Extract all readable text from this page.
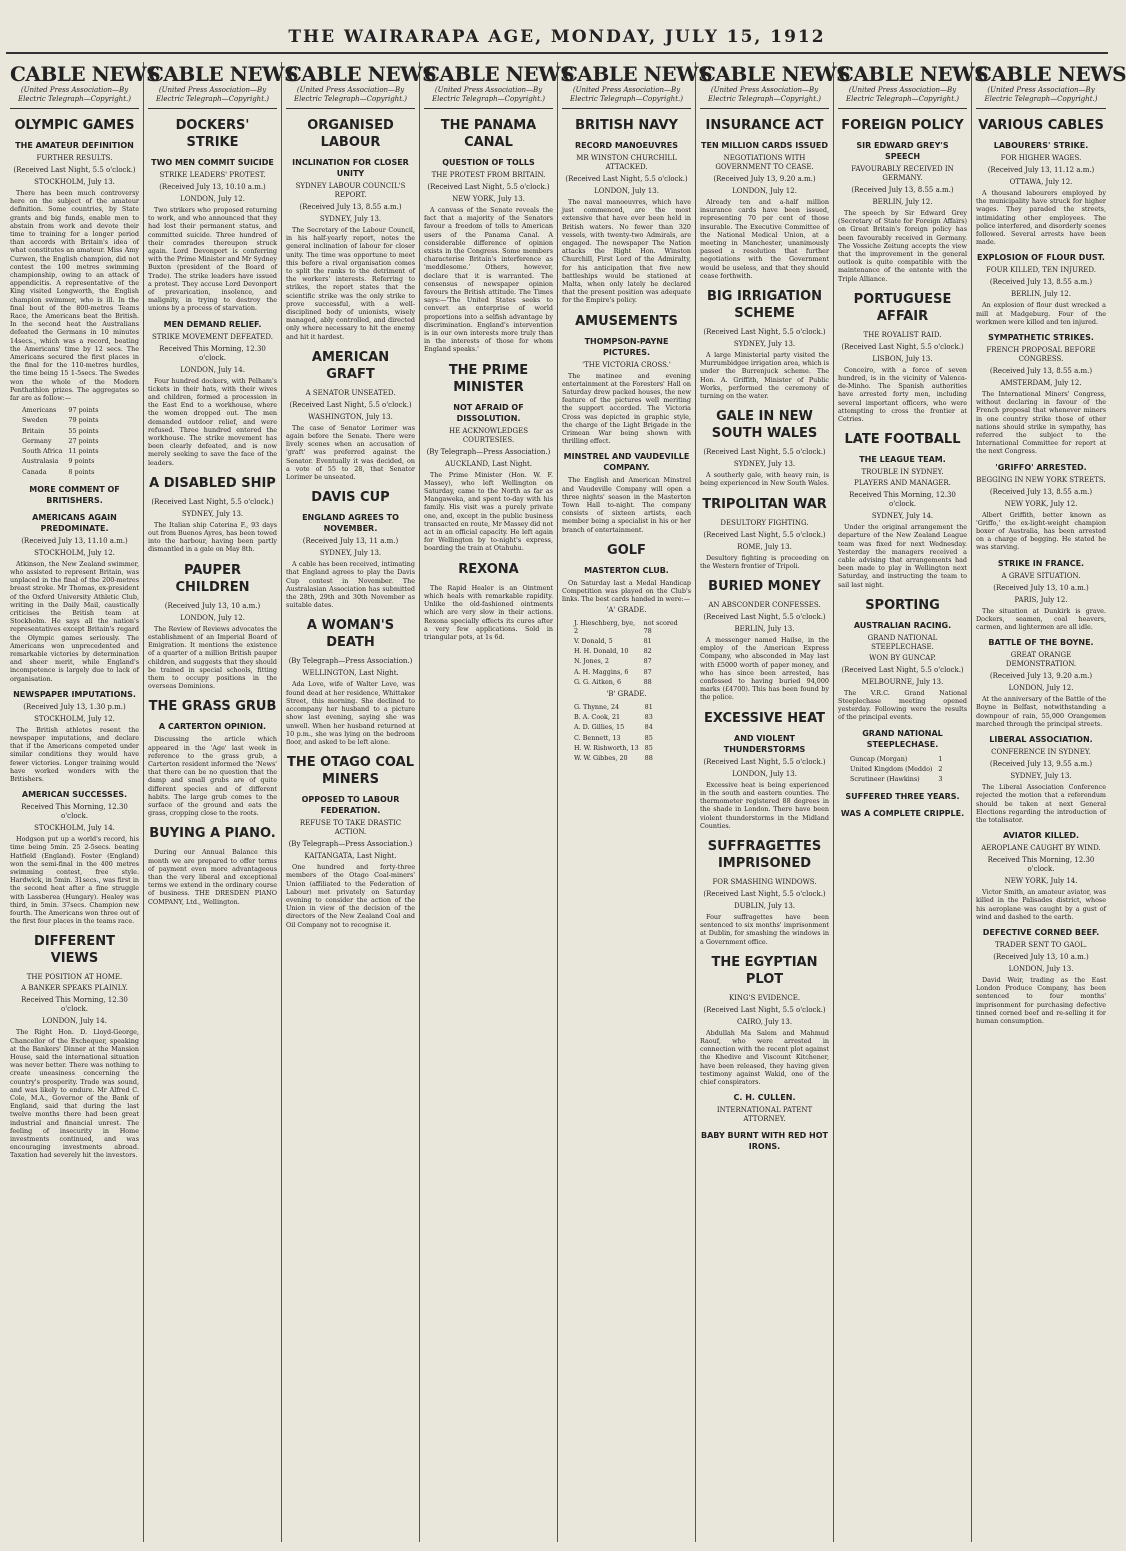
THE WAIRARAPA AGE, MONDAY, JULY 15, 1912
CABLE NEWS
(United Press Association—By Electric Telegraph—Copyright.)
OLYMPIC GAMES
THE AMATEUR DEFINITION
FURTHER RESULTS.
(Received Last Night, 5.5 o'clock.)
STOCKHOLM, July 13.

There has been much controversy here on the subject of the amateur definition. Some countries, by State grants and big funds, enable men to abstain from work and devote their time to training for a longer period than accords with Britain's idea of what constitutes an amateur. Miss Amy Curwen, the English champion, did not contest the 100 metres swimming championship, owing to an attack of appendicitis. A representative of the King visited Longworth, the English champion swimmer, who is ill. In the final bout of the 800-metres Teams Race, the Americans beat the British. In the second heat the Australians defeated the Germans in 10 minutes 14secs., which was a record, beating the Americans' time by 12 secs. The Americans secured the first places in the final for the 110-metres hurdles, the time being 15 1-5secs. The Swedes won the whole of the Modern Penthathlon prizes. The aggregates so far are as follow:—

Americans	97 points
Sweden	79 points
Britain	55 points
Germany	27 points
South Africa	11 points
Australasia	9 points
Canada	8 points
MORE COMMENT OF BRITISHERS.
AMERICANS AGAIN PREDOMINATE.
(Received July 13, 11.10 a.m.)
STOCKHOLM, July 12.

Atkinson, the New Zealand swimmer, who assisted to represent Britain, was unplaced in the final of the 200-metres breast stroke. Mr Thomas, ex-president of the Oxford University Athletic Club, writing in the Daily Mail, caustically criticises the British team at Stockholm. He says all the nation's representatives except Britain's regard the Olympic games seriously. The Americans won unprecedented and remarkable victories by determination and sheer merit, while England's incompetence is largely due to lack of organisation.

NEWSPAPER IMPUTATIONS.
(Received July 13, 1.30 p.m.)
STOCKHOLM, July 12.

The British athletes resent the newspaper imputations, and declare that if the Americans competed under similar conditions they would have fewer victories. Longer training would have worked wonders with the Britishers.

AMERICAN SUCCESSES.
Received This Morning, 12.30 o'clock.
STOCKHOLM, July 14.

Hodgson put up a world's record, his time being 5min. 25 2-5secs. beating Hatfield (England). Foster (England) won the semi-final in the 400 metres swimming contest, free style. Hardwick, in 5min. 31secs., was first in the second heat after a fine struggle with Lassberea (Hungary). Healey was third, in 5min. 37secs. Champion new fourth. The Americans won three out of the first four places in the teams race.

DIFFERENT VIEWS
THE POSITION AT HOME.
A BANKER SPEAKS PLAINLY.
Received This Morning, 12.30 o'clock.
LONDON, July 14.

The Right Hon. D. Lloyd-George, Chancellor of the Exchequer, speaking at the Bankers' Dinner at the Mansion House, said the international situation was never better. There was nothing to create uneasiness concerning the country's prosperity. Trade was sound, and was likely to endure. Mr Alfred C. Cole, M.A., Governor of the Bank of England, said that during the last twelve months there had been great industrial and financial unrest. The feeling of insecurity in Home investments continued, and was encouraging investments abroad. Taxation had severely hit the investors.

CABLE NEWS
(United Press Association—By Electric Telegraph—Copyright.)
DOCKERS' STRIKE
TWO MEN COMMIT SUICIDE
STRIKE LEADERS' PROTEST.
(Received July 13, 10.10 a.m.)
LONDON, July 12.

Two strikers who proposed returning to work, and who announced that they had lost their permanent status, and committed suicide. Three hundred of their comrades thereupon struck again. Lord Devonport is conferring with the Prime Minister and Mr Sydney Buxton (president of the Board of Trade). The strike leaders have issued a protest. They accuse Lord Devonport of prevarication, insolence, and malignity, in trying to destroy the unions by a process of starvation.

MEN DEMAND RELIEF.
STRIKE MOVEMENT DEFEATED.
Received This Morning, 12.30 o'clock.
LONDON, July 14.

Four hundred dockers, with Pelham's tickets in their hats, with their wives and children, formed a procession in the East End to a workhouse, where the women dropped out. The men demanded outdoor relief, and were refused. Three hundred entered the workhouse. The strike movement has been clearly defeated, and is now merely seeking to save the face of the leaders.

A DISABLED SHIP
(Received Last Night, 5.5 o'clock.)
SYDNEY, July 13.

The Italian ship Caterina F., 93 days out from Buenos Ayres, has been towed into the harbour, having been partly dismantled in a gale on May 8th.

PAUPER CHILDREN
(Received July 13, 10 a.m.)
LONDON, July 12.

The Review of Reviews advocates the establishment of an Imperial Board of Emigration. It mentions the existence of a quarter of a million British pauper children, and suggests that they should be trained in special schools, fitting them to occupy positions in the overseas Dominions.

THE GRASS GRUB
A CARTERTON OPINION.

Discussing the article which appeared in the 'Age' last week in reference to the grass grub, a Carterton resident informed the 'News' that there can be no question that the damp and small grubs are of quite different species and of different habits. The large grub comes to the surface of the ground and eats the grass, cropping close to the roots.

BUYING A PIANO.

During our Annual Balance this month we are prepared to offer terms of payment even more advantageous than the very liberal and exceptional terms we extend in the ordinary course of business. THE DRESDEN PIANO COMPANY, Ltd., Wellington.

CABLE NEWS
(United Press Association—By Electric Telegraph—Copyright.)
ORGANISED LABOUR
INCLINATION FOR CLOSER UNITY
SYDNEY LABOUR COUNCIL'S REPORT.
(Received July 13, 8.55 a.m.)
SYDNEY, July 13.

The Secretary of the Labour Council, in his half-yearly report, notes the general inclination of labour for closer unity. The time was opportune to meet this before a rival organisation comes to split the ranks to the detriment of the workers' interests. Referring to strikes, the report states that the scientific strike was the only strike to prove successful, with a well-disciplined body of unionists, wisely managed, ably controlled, and directed only where necessary to hit the enemy and hit it hardest.

AMERICAN GRAFT
A SENATOR UNSEATED.
(Received Last Night, 5.5 o'clock.)
WASHINGTON, July 13.

The case of Senator Lorimer was again before the Senate. There were lively scenes when an accusation of 'graft' was preferred against the Senator. Eventually it was decided, on a vote of 55 to 28, that Senator Lorimer be unseated.

DAVIS CUP
ENGLAND AGREES TO NOVEMBER.
(Received July 13, 11 a.m.)
SYDNEY, July 13.

A cable has been received, intimating that England agrees to play the Davis Cup contest in November. The Australasian Association has submitted the 28th, 29th and 30th November as suitable dates.

A WOMAN'S DEATH
(By Telegraph—Press Association.)
WELLINGTON, Last Night.

Ada Love, wife of Walter Love, was found dead at her residence, Whittaker Street, this morning. She declined to accompany her husband to a picture show last evening, saying she was unwell. When her husband returned at 10 p.m., she was lying on the bedroom floor, and asked to be left alone.

THE OTAGO COAL MINERS
OPPOSED TO LABOUR FEDERATION.
REFUSE TO TAKE DRASTIC ACTION.
(By Telegraph—Press Association.)
KAITANGATA, Last Night.

One hundred and forty-three members of the Otago Coal-miners' Union (affiliated to the Federation of Labour) met privately on Saturday evening to consider the action of the Union in view of the decision of the directors of the New Zealand Coal and Oil Company not to recognise it.

CABLE NEWS
(United Press Association—By Electric Telegraph—Copyright.)
THE PANAMA CANAL
QUESTION OF TOLLS
THE PROTEST FROM BRITAIN.
(Received Last Night, 5.5 o'clock.)
NEW YORK, July 13.

A canvass of the Senate reveals the fact that a majority of the Senators favour a freedom of tolls to American users of the Panama Canal. A considerable difference of opinion exists in the Congress. Some members characterise Britain's interference as 'meddlesome.' Others, however, declare that it is warranted. The consensus of newspaper opinion favours the British attitude. The Times says:—'The United States seeks to convert an enterprise of world proportions into a selfish advantage by discrimination. England's intervention is in our own interests more truly than in the interests of those for whom England speaks.'

THE PRIME MINISTER
NOT AFRAID OF DISSOLUTION.
HE ACKNOWLEDGES COURTESIES.
(By Telegraph—Press Association.)
AUCKLAND, Last Night.

The Prime Minister (Hon. W. F. Massey), who left Wellington on Saturday, came to the North as far as Mangaweka, and spent to-day with his family. His visit was a purely private one, and, except in the public business transacted en route, Mr Massey did not act in an official capacity. He left again for Wellington by to-night's express, boarding the train at Otahuhu.

REXONA

The Rapid Healer is an Ointment which heals with remarkable rapidity. Unlike the old-fashioned ointments which are very slow in their actions. Rexona specially effects its cures after a very few applications. Sold in triangular pots, at 1s 6d.

CABLE NEWS
(United Press Association—By Electric Telegraph—Copyright.)
BRITISH NAVY
RECORD MANOEUVRES
MR WINSTON CHURCHILL ATTACKED.
(Received Last Night, 5.5 o'clock.)
LONDON, July 13.

The naval manoeuvres, which have just commenced, are the most extensive that have ever been held in British waters. No fewer than 320 vessels, with twenty-two Admirals, are engaged. The newspaper The Nation attacks the Right Hon. Winston Churchill, First Lord of the Admiralty, for his anticipation that five new battleships would be stationed at Malta, when only lately he declared that the present position was adequate for the Empire's policy.

AMUSEMENTS
THOMPSON-PAYNE PICTURES.
'THE VICTORIA CROSS.'

The matinee and evening entertainment at the Foresters' Hall on Saturday drew packed houses, the new feature of the pictures well meriting the support accorded. The Victoria Cross was depicted in graphic style, the charge of the Light Brigade in the Crimean War being shown with thrilling effect.

MINSTREL AND VAUDEVILLE COMPANY.

The English and American Minstrel and Vaudeville Company will open a three nights' season in the Masterton Town Hall to-night. The company consists of sixteen artists, each member being a specialist in his or her branch of entertainment.

GOLF
MASTERTON CLUB.

On Saturday last a Medal Handicap Competition was played on the Club's links. The best cards handed in were:—

'A' GRADE.
J. Hieschberg, bye, 2	not scored 78
V. Donald, 5	81
H. H. Donald, 10	82
N. Jones, 2	87
A. H. Maggins, 6	87
G. G. Aitken, 6	88
'B' GRADE.
G. Thynne, 24	81
B. A. Cook, 21	83
A. D. Gillies, 15	84
C. Bennett, 13	85
H. W. Rishworth, 13	85
W. W. Gibbes, 20	88
CABLE NEWS
(United Press Association—By Electric Telegraph—Copyright.)
INSURANCE ACT
TEN MILLION CARDS ISSUED
NEGOTIATIONS WITH GOVERNMENT TO CEASE.
(Received July 13, 9.20 a.m.)
LONDON, July 12.

Already ten and a-half million insurance cards have been issued, representing 70 per cent of those insurable. The Executive Committee of the National Medical Union, at a meeting in Manchester, unanimously passed a resolution that further negotiations with the Government would be useless, and that they should cease forthwith.

BIG IRRIGATION SCHEME
(Received Last Night, 5.5 o'clock.)
SYDNEY, July 13.

A large Ministerial party visited the Murrumbidgee irrigation area, which is under the Burrenjuck scheme. The Hon. A. Griffith, Minister of Public Works, performed the ceremony of turning on the water.

GALE IN NEW SOUTH WALES
(Received Last Night, 5.5 o'clock.)
SYDNEY, July 13.

A southerly gale, with heavy rain, is being experienced in New South Wales.

TRIPOLITAN WAR
DESULTORY FIGHTING.
(Received Last Night, 5.5 o'clock.)
ROME, July 13.

Desultory fighting is proceeding on the Western frontier of Tripoli.

BURIED MONEY
AN ABSCONDER CONFESSES.
(Received Last Night, 5.5 o'clock.)
BERLIN, July 13.

A messenger named Hailse, in the employ of the American Express Company, who absconded in May last with £5000 worth of paper money, and who has since been arrested, has confessed to having buried 94,000 marks (£4700). This has been found by the police.

EXCESSIVE HEAT
AND VIOLENT THUNDERSTORMS
(Received Last Night, 5.5 o'clock.)
LONDON, July 13.

Excessive heat is being experienced in the south and eastern counties. The thermometer registered 88 degrees in the shade in London. There have been violent thunderstorms in the Midland Counties.

SUFFRAGETTES IMPRISONED
FOR SMASHING WINDOWS.
(Received Last Night, 5.5 o'clock.)
DUBLIN, July 13.

Four suffragettes have been sentenced to six months' imprisonment at Dublin, for smashing the windows in a Government office.

THE EGYPTIAN PLOT
KING'S EVIDENCE.
(Received Last Night, 5.5 o'clock.)
CAIRO, July 13.

Abdullah Ma Salem and Mahmud Raouf, who were arrested in connection with the recent plot against the Khedive and Viscount Kitchener, have been released, they having given testimony against Wakid, one of the chief conspirators.

C. H. CULLEN.
INTERNATIONAL PATENT ATTORNEY.
BABY BURNT WITH RED HOT IRONS.
CABLE NEWS
(United Press Association—By Electric Telegraph—Copyright.)
FOREIGN POLICY
SIR EDWARD GREY'S SPEECH
FAVOURABLY RECEIVED IN GERMANY.
(Received July 13, 8.55 a.m.)
BERLIN, July 12.

The speech by Sir Edward Grey (Secretary of State for Foreign Affairs) on Great Britain's foreign policy has been favourably received in Germany. The Vossiche Zeitung accepts the view that the improvement in the general outlook is quite compatible with the maintenance of the entente with the Triple Alliance.

PORTUGUESE AFFAIR
THE ROYALIST RAID.
(Received Last Night, 5.5 o'clock.)
LISBON, July 13.

Conceiro, with a force of seven hundred, is in the vicinity of Valenca-de-Minho. The Spanish authorities have arrested forty men, including several important officers, who were attempting to cross the frontier at Cetries.

LATE FOOTBALL
THE LEAGUE TEAM.
TROUBLE IN SYDNEY.
PLAYERS AND MANAGER.
Received This Morning, 12.30 o'clock.
SYDNEY, July 14.

Under the original arrangement the departure of the New Zealand League team was fixed for next Wednesday. Yesterday the managers received a cable advising that arrangements had been made to play in Wellington next Saturday, and instructing the team to sail last night.

SPORTING
AUSTRALIAN RACING.
GRAND NATIONAL STEEPLECHASE.
WON BY GUNCAP.
(Received Last Night, 5.5 o'clock.)
MELBOURNE, July 13.

The V.R.C. Grand National Steeplechase meeting opened yesterday. Following were the results of the principal events.

GRAND NATIONAL STEEPLECHASE.
Guncap (Morgan)	1
United Kingdom (Meddo)	2
Scrutineer (Hawkins)	3
SUFFERED THREE YEARS.
WAS A COMPLETE CRIPPLE.
CABLE NEWS
(United Press Association—By Electric Telegraph—Copyright.)
VARIOUS CABLES
LABOURERS' STRIKE.
FOR HIGHER WAGES.
(Received July 13, 11.12 a.m.)
OTTAWA, July 12.

A thousand labourers employed by the municipality have struck for higher wages. They paraded the streets, intimidating other employees. The police interfered, and disorderly scenes followed. Several arrests have been made.

EXPLOSION OF FLOUR DUST.
FOUR KILLED, TEN INJURED.
(Received July 13, 8.55 a.m.)
BERLIN, July 12.

An explosion of flour dust wrecked a mill at Madgeburg. Four of the workmen were killed and ten injured.

SYMPATHETIC STRIKES.
FRENCH PROPOSAL BEFORE CONGRESS.
(Received July 13, 8.55 a.m.)
AMSTERDAM, July 12.

The International Miners' Congress, without declaring in favour of the French proposal that whenever miners in one country strike those of other nations should strike in sympathy, has referred the subject to the International Committee for report at the next Congress.

'GRIFFO' ARRESTED.
BEGGING IN NEW YORK STREETS.
(Received July 13, 8.55 a.m.)
NEW YORK, July 12.

Albert Griffith, better known as 'Griffo,' the ex-light-weight champion boxer of Australia, has been arrested on a charge of begging. He stated he was starving.

STRIKE IN FRANCE.
A GRAVE SITUATION.
(Received July 13, 10 a.m.)
PARIS, July 12.

The situation at Dunkirk is grave. Dockers, seamen, coal heavers, carmen, and lightermen are all idle.

BATTLE OF THE BOYNE.
GREAT ORANGE DEMONSTRATION.
(Received July 13, 9.20 a.m.)
LONDON, July 12.

At the anniversary of the Battle of the Boyne in Belfast, notwithstanding a downpour of rain, 55,000 Orangemen marched through the principal streets.

LIBERAL ASSOCIATION.
CONFERENCE IN SYDNEY.
(Received July 13, 9.55 a.m.)
SYDNEY, July 13.

The Liberal Association Conference rejected the motion that a referendum should be taken at next General Elections regarding the introduction of the totalisator.

AVIATOR KILLED.
AEROPLANE CAUGHT BY WIND.
Received This Morning, 12.30 o'clock.
NEW YORK, July 14.

Victor Smith, an amateur aviator, was killed in the Palisades district, whose his aeroplane was caught by a gust of wind and dashed to the earth.

DEFECTIVE CORNED BEEF.
TRADER SENT TO GAOL.
(Received July 13, 10 a.m.)
LONDON, July 13.

David Weir, trading as the East London Produce Company, has been sentenced to four months' imprisonment for purchasing defective tinned corned beef and re-selling it for human consumption.
